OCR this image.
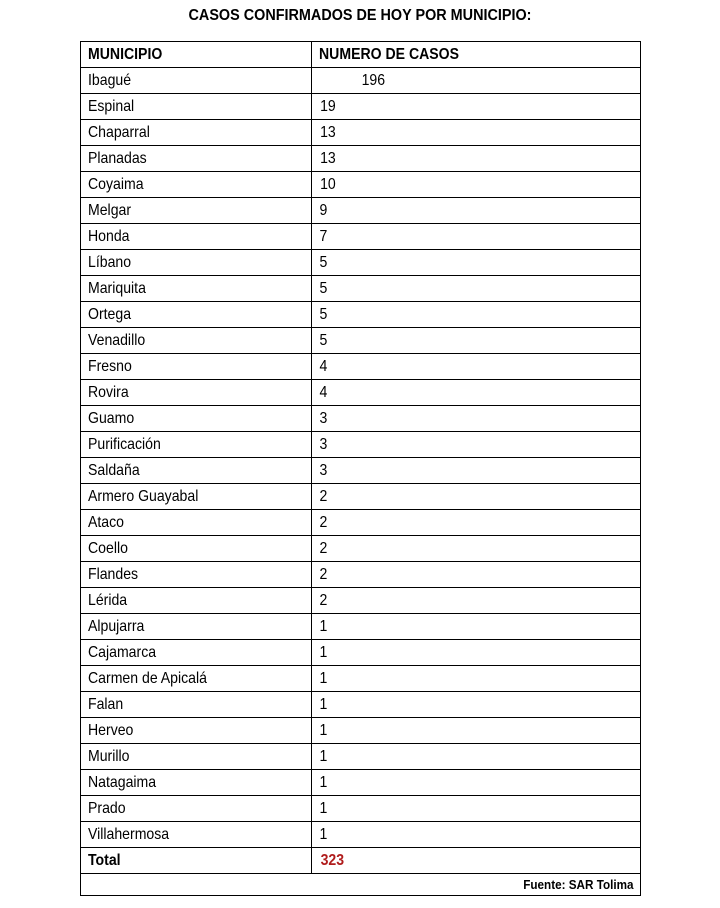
CASOS CONFIRMADOS DE HOY POR MUNICIPIO:
MUNICIPIO	NUMERO DE CASOS
Ibagué	196
Espinal	19
Chaparral	13
Planadas	13
Coyaima	10
Melgar	9
Honda	7
Líbano	5
Mariquita	5
Ortega	5
Venadillo	5
Fresno	4
Rovira	4
Guamo	3
Purificación	3
Saldaña	3
Armero Guayabal	2
Ataco	2
Coello	2
Flandes	2
Lérida	2
Alpujarra	1
Cajamarca	1
Carmen de Apicalá	1
Falan	1
Herveo	1
Murillo	1
Natagaima	1
Prado	1
Villahermosa	1
Total	323
Fuente: SAR Tolima	
